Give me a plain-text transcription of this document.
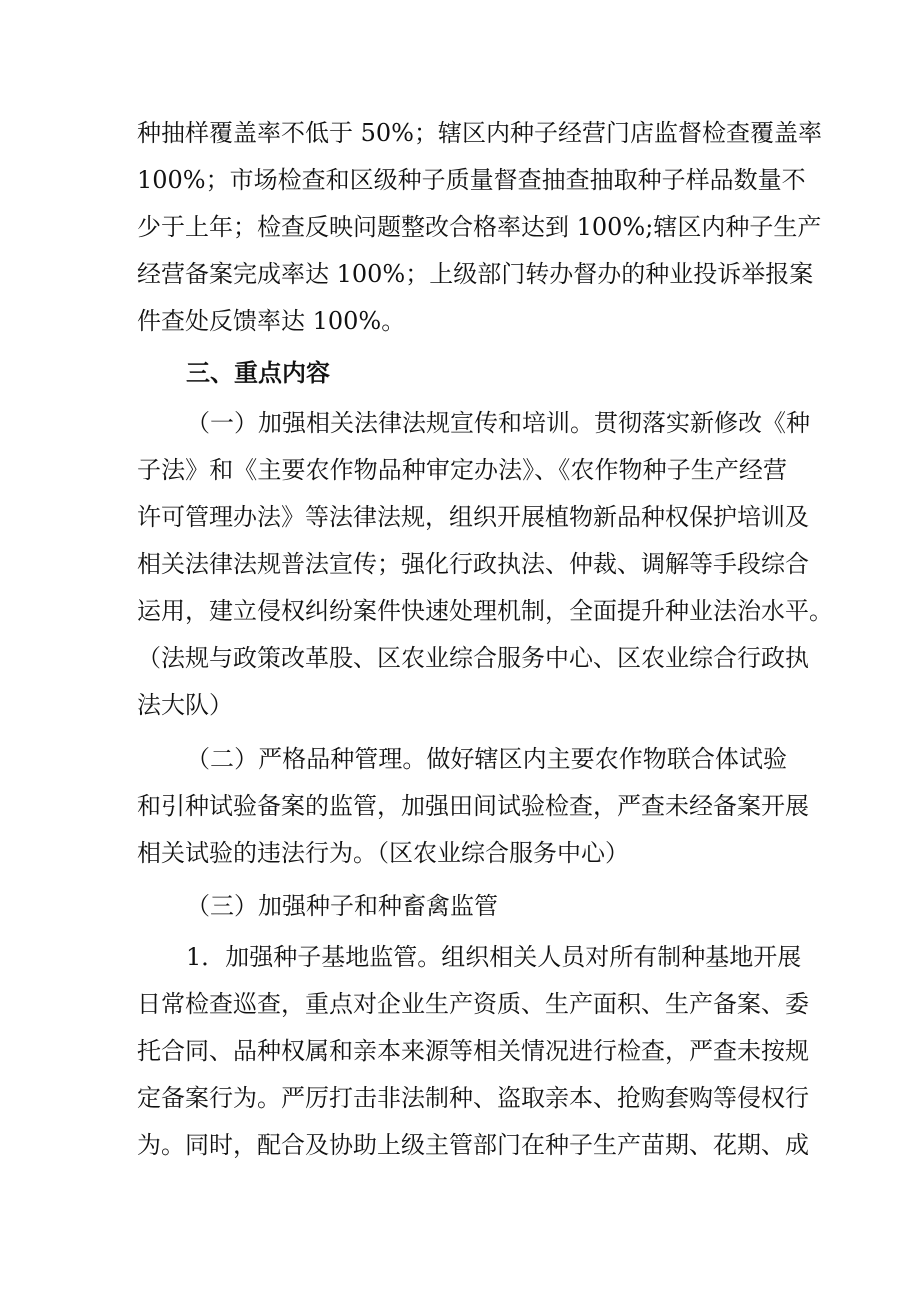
种抽样覆盖率不低于 50%；辖区内种子经营门店监督检查覆盖率
100%；市场检查和区级种子质量督查抽查抽取种子样品数量不
少于上年；检查反映问题整改合格率达到 100%;辖区内种子生产
经营备案完成率达 100%；上级部门转办督办的种业投诉举报案
件查处反馈率达 100%。
三、重点内容
（一）加强相关法律法规宣传和培训。贯彻落实新修改《种
子法》和《主要农作物品种审定办法》、《农作物种子生产经营
许可管理办法》等法律法规，组织开展植物新品种权保护培训及
相关法律法规普法宣传；强化行政执法、仲裁、调解等手段综合
运用，建立侵权纠纷案件快速处理机制，全面提升种业法治水平。
（法规与政策改革股、区农业综合服务中心、区农业综合行政执
法大队）
（二）严格品种管理。做好辖区内主要农作物联合体试验
和引种试验备案的监管，加强田间试验检查，严查未经备案开展
相关试验的违法行为。（区农业综合服务中心）
（三）加强种子和种畜禽监管
1．加强种子基地监管。组织相关人员对所有制种基地开展
日常检查巡查，重点对企业生产资质、生产面积、生产备案、委
托合同、品种权属和亲本来源等相关情况进行检查，严查未按规
定备案行为。严厉打击非法制种、盗取亲本、抢购套购等侵权行
为。同时，配合及协助上级主管部门在种子生产苗期、花期、成
